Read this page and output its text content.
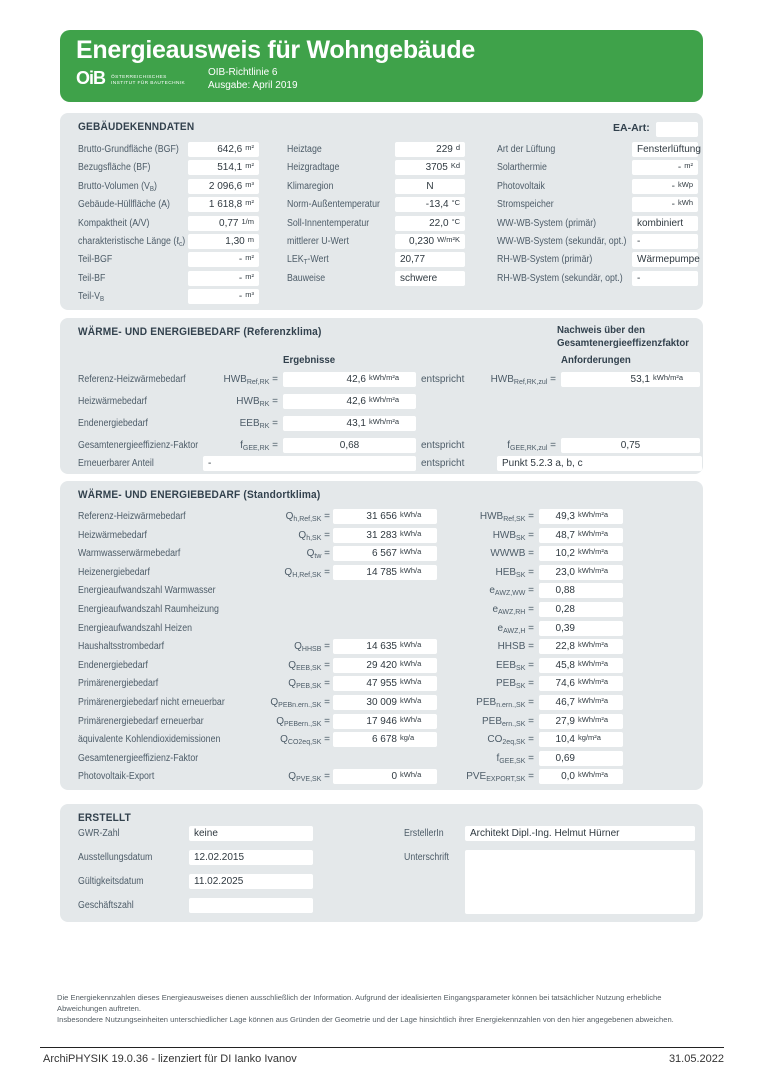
Energieausweis für Wohngebäude
OiB ÖSTERREICHISCHES
INSTITUT FÜR BAUTECHNIK
OIB-Richtlinie 6
Ausgabe: April 2019
GEBÄUDEKENNDATEN	EA-Art:
Brutto-Grundfläche (BGF)	642,6 m²
Bezugsfläche (BF)	514,1 m²
Brutto-Volumen $(V_B)$	2 096,6 m³
Gebäude-Hüllfläche (A)	1 618,8 m²
Kompaktheit (A/V)	0,77 1/m
charakteristische Länge (ℓ$_c$)	1,30 m
Teil-BGF	- m²
Teil-BF	- m²
Teil-$V_B$	- m³
Heiztage	229 d
Heizgradtage	3705 Kd
Klimaregion	N
Norm-Außentemperatur	-13,4 °C
Soll-Innentemperatur	22,0 °C
mittlerer U-Wert	0,230 W/m²K
$LEK_T$-Wert	20,77
Bauweise	schwere
Art der Lüftung	Fensterlüftung
Solarthermie	- m²
Photovoltaik	- kWp
Stromspeicher	- kWh
WW-WB-System (primär)	kombiniert
WW-WB-System (sekundär, opt.) -
RH-WB-System (primär)	Wärmepumpe
RH-WB-System (sekundär, opt.) -
WÄRME- UND ENERGIEBEDARF (Referenzklima)	Nachweis über den
Gesamtenergieeffizenzfaktor
Ergebnisse	Anforderungen
Referenz-Heizwärmebedarf	$HWB_{Ref,RK}$ =	42,6 kWh/m²a	entspricht	$HWB_{Ref,RK,zul}$ =	53,1 kWh/m²a
Heizwärmebedarf	$HWB_{RK}$ =	42,6 kWh/m²a
Endenergiebedarf	$EEB_{RK}$ =	43,1 kWh/m²a
Gesamtenergieeffizienz-Faktor	$f_{GEE,RK}$ =	0,68	entspricht	$f_{GEE,RK,zul}$ =	0,75
Erneuerbarer Anteil	-	entspricht	Punkt 5.2.3 a, b, c
WÄRME- UND ENERGIEBEDARF (Standortklima)
Referenz-Heizwärmebedarf	$Q_{h,Ref,SK}$ =	31 656 kWh/a	$HWB_{Ref,SK}$ =	49,3 kWh/m²a
Heizwärmebedarf	$Q_{h,SK}$ =	31 283 kWh/a	$HWB_{SK}$ =	48,7 kWh/m²a
Warmwasserwärmebedarf	$Q_{tw}$ =	6 567 kWh/a	WWWB =	10,2 kWh/m²a
Heizenergiebedarf	$Q_{H,Ref,SK}$ =	14 785 kWh/a	$HEB_{SK}$ =	23,0 kWh/m²a
Energieaufwandszahl Warmwasser	$e_{AWZ,WW}$ =	0,88
Energieaufwandszahl Raumheizung	$e_{AWZ,RH}$ =	0,28
Energieaufwandszahl Heizen	$e_{AWZ,H}$ =	0,39
Haushaltsstrombedarf	$Q_{HHSB}$ =	14 635 kWh/a	HHSB =	22,8 kWh/m²a
Endenergiebedarf	$Q_{EEB,SK}$ =	29 420 kWh/a	$EEB_{SK}$ =	45,8 kWh/m²a
Primärenergiebedarf	$Q_{PEB,SK}$ =	47 955 kWh/a	$PEB_{SK}$ =	74,6 kWh/m²a
Primärenergiebedarf nicht erneuerbar	$Q_{PEBn.ern.,SK}$ =	30 009 kWh/a	$PEB_{n.ern.,SK}$ =	46,7 kWh/m²a
Primärenergiebedarf erneuerbar	$Q_{PEBern.,SK}$ =	17 946 kWh/a	$PEB_{ern.,SK}$ =	27,9 kWh/m²a
äquivalente Kohlendioxidemissionen	$Q_{CO2eq,SK}$ =	6 678 kg/a	$CO_{2eq,SK}$ =	10,4 kg/m²a
Gesamtenergieeffizienz-Faktor	$f_{GEE,SK}$ =	0,69
Photovoltaik-Export	$Q_{PVE,SK}$ =	0 kWh/a	$PVE_{EXPORT,SK}$ =	0,0 kWh/m²a
ERSTELLT
GWR-Zahl	keine
Ausstellungsdatum	12.02.2015
Gültigkeitsdatum	11.02.2025
Geschäftszahl
ErstellerIn	Architekt Dipl.-Ing. Helmut Hürner
Unterschrift
Die Energiekennzahlen dieses Energieausweises dienen ausschließlich der Information. Aufgrund der idealisierten Eingangsparameter können bei tatsächlicher Nutzung erhebliche Abweichungen auftreten.
Insbesondere Nutzungseinheiten unterschiedlicher Lage können aus Gründen der Geometrie und der Lage hinsichtlich ihrer Energiekennzahlen von den hier angegebenen abweichen.
ArchiPHYSIK 19.0.36 - lizenziert für DI Ianko Ivanov	31.05.2022
